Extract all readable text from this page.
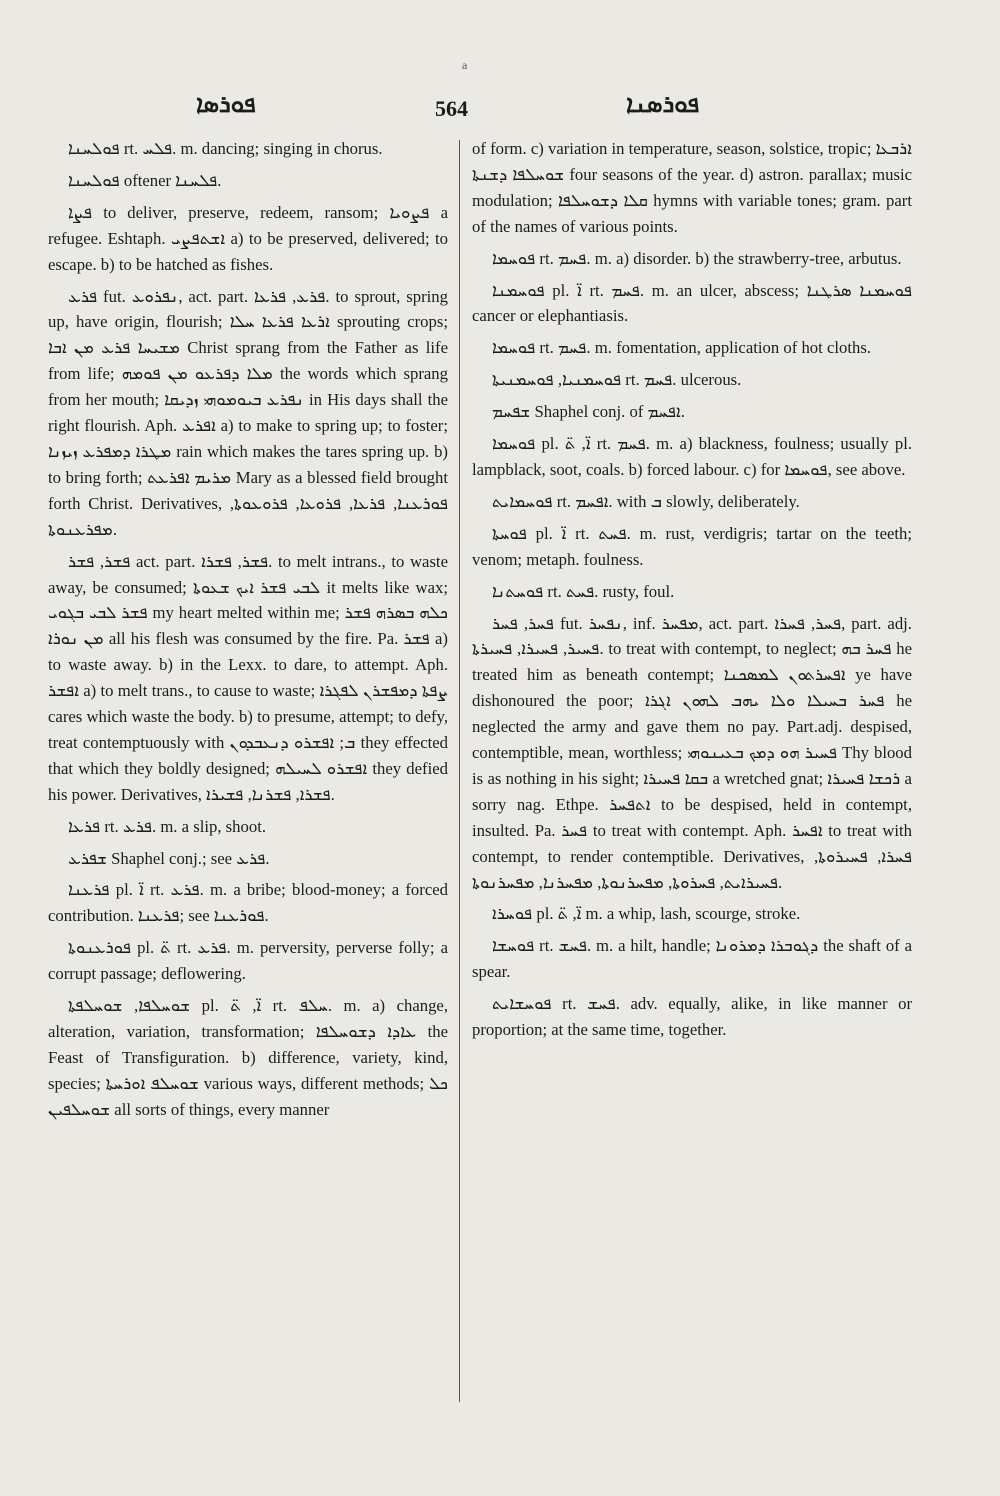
a
ܦܘܪܣܐ	564	ܦܘܪܣܢܐ

ܦܘܠܚܢܐ rt. ܦܠܚ. m. dancing; singing in chorus.

ܦܘܠܚܢܐ oftener ܦܠܚܢܐ.

ܦܨܐ to deliver, preserve, redeem, ransom; ܦܨܘܝܐ a refugee. Eshtaph. ܐܫܬܦܨܝ a) to be preserved, delivered; to escape. b) to be hatched as fishes.

ܦܪܥ fut. ܢܦܪܘܥ, act. part. ܦܪܥ, ܦܪܥܐ. to sprout, spring up, have origin, flourish; ܐܪܥܐ ܦܪܥܐ ܚܠܐ sprouting crops; ܡܫܝܚܐ ܦܪܥ ܡܢ ܐܒܐ Christ sprang from the Father as life from life; ܡܠܐ ܕܦܪܥܘ ܡܢ ܦܘܡܗ the words which sprang from her mouth; ܢܦܪܥ ܒܝܘܡܘܗܝ ܙܕܝܩܐ in His days shall the right flourish. Aph. ܐܦܪܥ a) to make to spring up; to foster; ܡܛܪܐ ܕܡܦܪܥ ܙܝܙܢܐ rain which makes the tares spring up. b) to bring forth; ܡܪܝܡ ܐܦܪܥܬ Mary as a blessed field brought forth Christ. Derivatives, ܦܘܪܥܢܐ, ܦܪܥܐ, ܦܪܘܥܐ, ܦܪܘܥܘܬܐ, ܡܦܪܥܢܘܬܐ.

ܦܫܪ, ܦܫܪ act. part. ܦܫܪ, ܦܫܪܐ. to melt intrans., to waste away, be consumed; ܠܒܝ ܦܫܪ ܐܝܟ ܫܥܘܬܐ it melts like wax; ܦܫܪ ܠܒܝ ܒܓܘܝ my heart melted within me; ܟܠܗ ܒܣܪܗ ܦܫܪ ܡܢ ܢܘܪܐ all his flesh was consumed by the fire. Pa. ܦܫܪ a) to waste away. b) in the Lexx. to dare, to attempt. Aph. ܐܦܫܪ a) to melt trans., to cause to waste; ܨܦܬܐ ܕܡܦܫܪܢ ܠܦܓܪܐ cares which waste the body. b) to presume, attempt; to defy, treat contemptuously with ܒ; ܐܦܫܪܘ ܕܢܥܒܕܘܢ they effected that which they boldly designed; ܐܦܫܪܘ ܠܚܝܠܗ they defied his power. Derivatives, ܦܫܪܐ, ܦܫܪܢܐ, ܦܫܝܪܐ.

ܦܪܥܐ rt. ܦܪܥ. m. a slip, shoot.

ܫܦܪܥ Shaphel conj.; see ܦܪܥ.

ܦܪܥܢܐ pl. ܐ̈ rt. ܦܪܥ. m. a bribe; blood-money; a forced contribution. ܦܪܥܢܐ; see ܦܘܪܥܢܐ.

ܦܘܪܥܢܘܬܐ pl. ܬ̈ rt. ܦܪܥ. m. perversity, perverse folly; a corrupt passage; deflowering.

ܫܘܚܠܦܐ, ܫܘܚܠܦܬܐ pl. ܐ̈, ܬ̈ rt. ܚܠܦ. m. a) change, alteration, variation, transformation; ܥܐܕܐ ܕܫܘܚܠܦܐ the Feast of Transfiguration. b) difference, variety, kind, species; ܫܘܚܠܦ ܐܘܪܚܬܐ various ways, different methods; ܟܠ ܫܘܚܠܦܝܢ all sorts of things, every manner

of form. c) variation in temperature, season, solstice, tropic; ܐܪܒܥܐ ܫܘܚܠܦܐ ܕܫܢܬܐ four seasons of the year. d) astron. parallax; music modulation; ܩܠܐ ܕܫܘܚܠܦܐ hymns with variable tones; gram. part of the names of various points.

ܦܘܚܡܐ rt. ܦܚܡ. m. a) disorder. b) the strawberry-tree, arbutus.

ܦܘܚܡܢܐ pl. ܐ̈ rt. ܦܚܡ. m. an ulcer, abscess; ܦܘܚܡܢܐ ܣܪܛܢܐ cancer or elephantiasis.

ܦܘܚܡܐ rt. ܦܚܡ. m. fomentation, application of hot cloths.

ܦܘܚܡܢܝܐ, ܦܘܚܡܢܝܬܐ rt. ܦܚܡ. ulcerous.

ܫܦܚܡ Shaphel conj. of ܐܦܚܡ.

ܦܘܚܡܐ pl. ܐ̈, ܬ̈ rt. ܦܚܡ. m. a) blackness, foulness; usually pl. lampblack, soot, coals. b) forced labour. c) for ܦܘܚܡܐ, see above.

ܦܘܚܡܐܝܬ rt. ܐܦܚܡ. with ܒ slowly, deliberately.

ܦܘܚܬܐ pl. ܐ̈ rt. ܦܚܬ. m. rust, verdigris; tartar on the teeth; venom; metaph. foulness.

ܦܘܚܬܢܐ rt. ܦܚܬ. rusty, foul.

ܦܚܪ, ܦܚܪ fut. ܢܦܚܪ, inf. ܡܦܚܪ, act. part. ܦܚܪ, ܦܚܪܐ, part. adj. ܦܚܝܪ, ܦܚܝܪܐ, ܦܚܝܪܬܐ. to treat with contempt, to neglect; ܦܚܪ ܒܗ he treated him as beneath contempt; ܐܦܚܪܬܘܢ ܠܡܣܟܢܐ ye have dishonoured the poor; ܦܚܪ ܒܚܝܠܐ ܘܠܐ ܝܗܒ ܠܗܘܢ ܐܓܪܐ he neglected the army and gave them no pay. Part.adj. despised, contemptible, mean, worthless; ܦܚܝܪ ܗܘ ܕܡܟ ܒܥܝܢܘܗܝ Thy blood is as nothing in his sight; ܒܩܐ ܦܚܝܪܐ a wretched gnat; ܪܟܫܐ ܦܚܝܪܐ a sorry nag. Ethpe. ܐܬܦܚܪ to be despised, held in contempt, insulted. Pa. ܦܚܪ to treat with contempt. Aph. ܐܦܚܪ to treat with contempt, to render contemptible. Derivatives, ܦܚܪܐ, ܦܚܝܪܘܬܐ, ܦܚܝܪܐܝܬ, ܦܚܪܘܬܐ, ܡܦܚܪܢܘܬܐ, ܡܦܚܪܢܐ, ܡܦܚܪܢܘܬܐ.

ܦܘܚܪܐ pl. ܐ̈, ܬ̈ m. a whip, lash, scourge, stroke.

ܦܘܚܫܐ rt. ܦܚܫ. m. a hilt, handle; ܕܓܘܒܪܐ ܕܡܪܘܢܐ the shaft of a spear.

ܦܘܚܫܐܝܬ rt. ܦܚܫ. adv. equally, alike, in like manner or proportion; at the same time, together.
